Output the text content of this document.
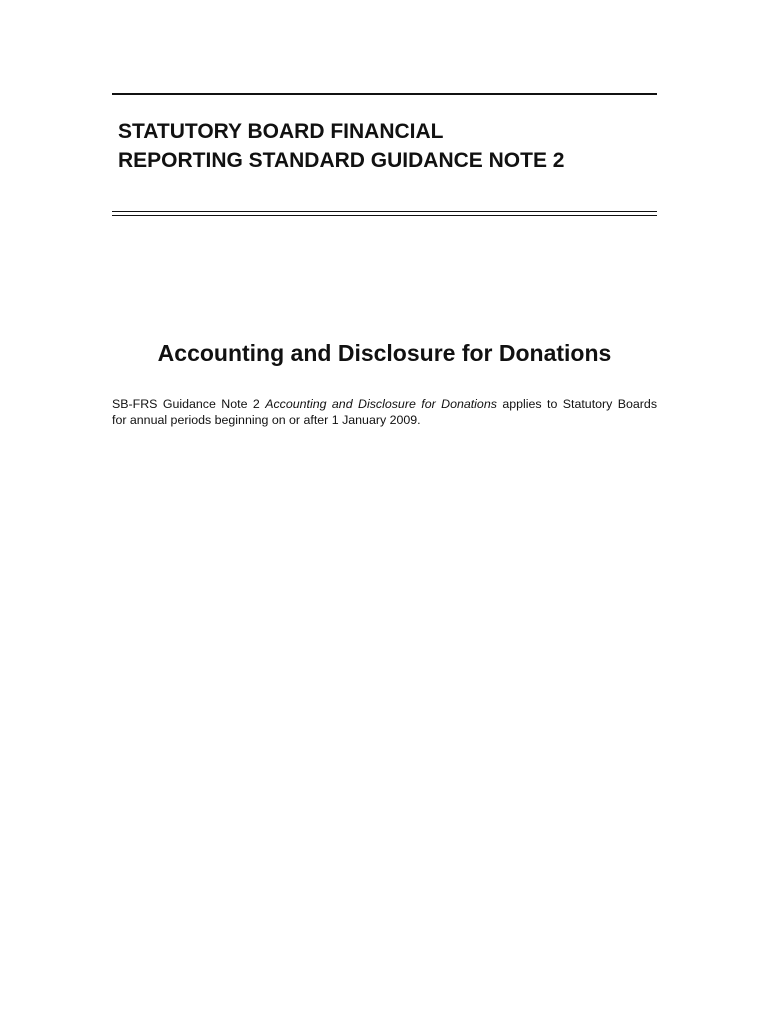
STATUTORY BOARD FINANCIAL
REPORTING STANDARD GUIDANCE NOTE 2
Accounting and Disclosure for Donations

SB-FRS Guidance Note 2 Accounting and Disclosure for Donations applies to Statutory Boards
for annual periods beginning on or after 1 January 2009.
